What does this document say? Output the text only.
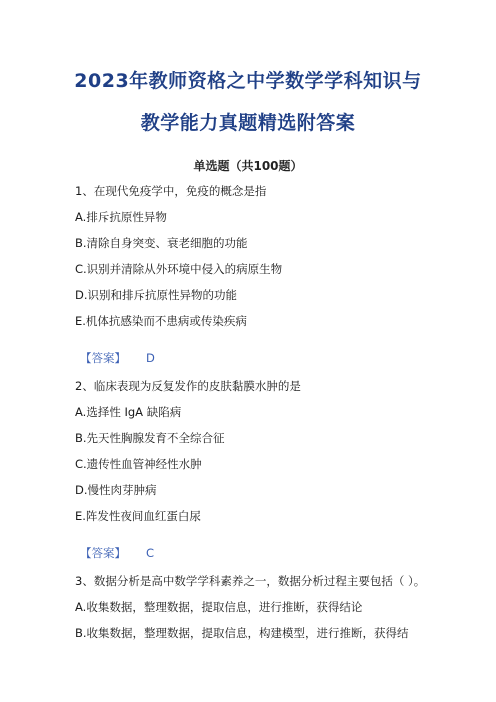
2023年教师资格之中学数学学科知识与
教学能力真题精选附答案
单选题（共100题）
1、在现代免疫学中，免疫的概念是指
A.排斥抗原性异物
B.清除自身突变、衰老细胞的功能
C.识别并清除从外环境中侵入的病原生物
D.识别和排斥抗原性异物的功能
E.机体抗感染而不患病或传染疾病
【答案】 D
2、临床表现为反复发作的皮肤黏膜水肿的是
A.选择性 IgA 缺陷病
B.先天性胸腺发育不全综合征
C.遗传性血管神经性水肿
D.慢性肉芽肿病
E.阵发性夜间血红蛋白尿
【答案】 C
3、数据分析是高中数学学科素养之一，数据分析过程主要包括（ ）。
A.收集数据，整理数据，提取信息，进行推断，获得结论
B.收集数据，整理数据，提取信息，构建模型，进行推断，获得结
